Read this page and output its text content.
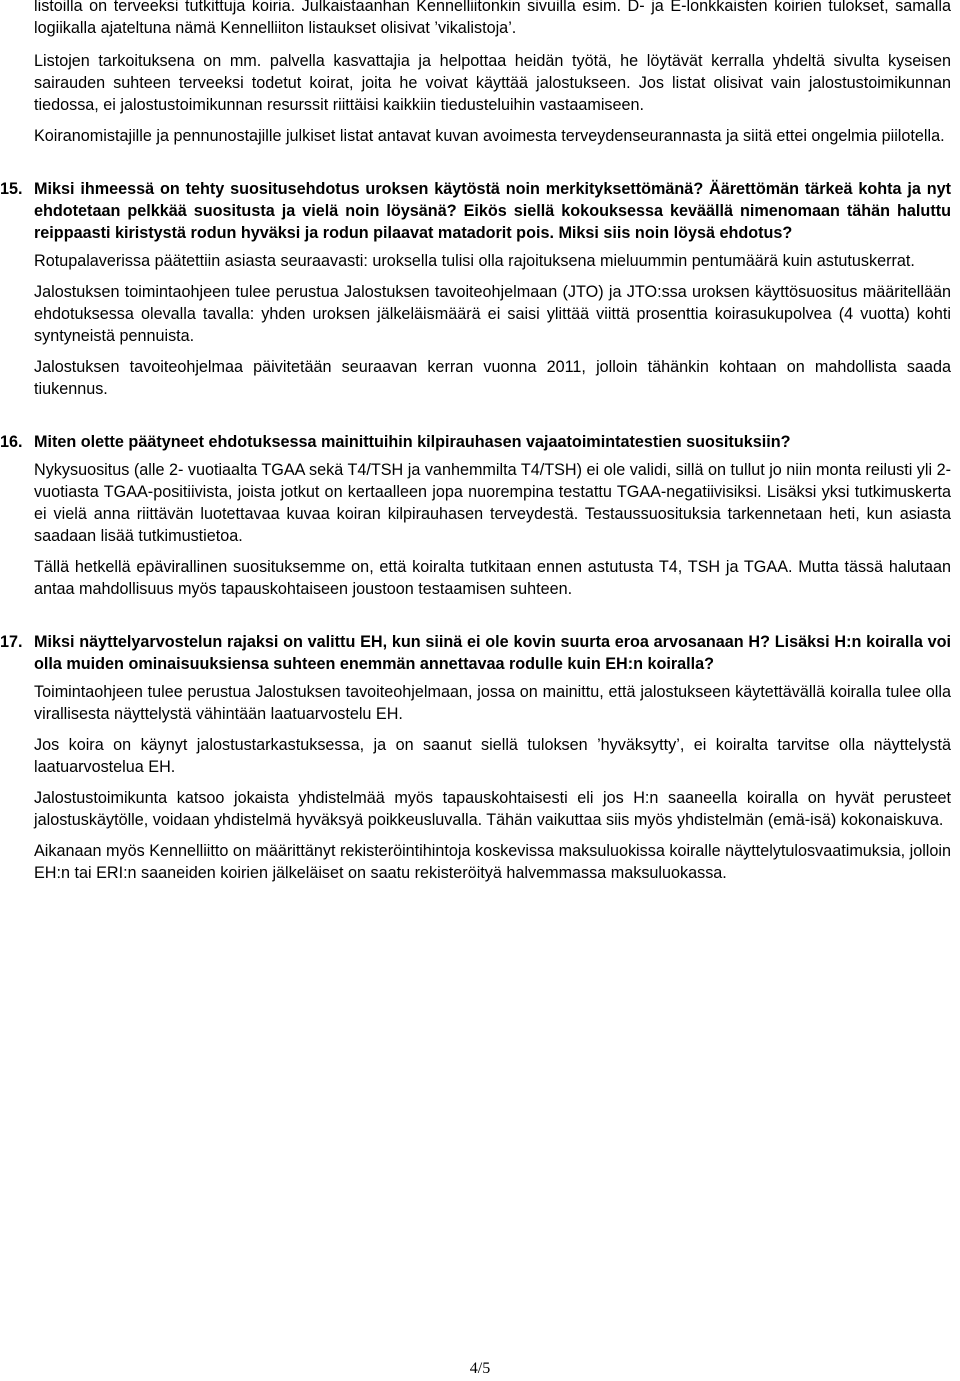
listoilla on terveeksi tutkittuja koiria. Julkaistaanhan Kennelliitonkin sivuilla esim. D- ja E-lonkkaisten koirien tulokset, samalla logiikalla ajateltuna nämä Kennelliiton listaukset olisivat ’vikalistoja’.

Listojen tarkoituksena on mm. palvella kasvattajia ja helpottaa heidän työtä, he löytävät kerralla yhdeltä sivulta kyseisen sairauden suhteen terveeksi todetut koirat, joita he voivat käyttää jalostukseen. Jos listat olisivat vain jalostustoimikunnan tiedossa, ei jalostustoimikunnan resurssit riittäisi kaikkiin tiedusteluihin vastaamiseen.

Koiranomistajille ja pennunostajille julkiset listat antavat kuvan avoimesta terveydenseurannasta ja siitä ettei ongelmia piilotella.

15. Miksi ihmeessä on tehty suositusehdotus uroksen käytöstä noin merkityksettömänä? Äärettömän tärkeä kohta ja nyt ehdotetaan pelkkää suositusta ja vielä noin löysänä? Eikös siellä kokouksessa keväällä nimenomaan tähän haluttu reippaasti kiristystä rodun hyväksi ja rodun pilaavat matadorit pois. Miksi siis noin löysä ehdotus?

Rotupalaverissa päätettiin asiasta seuraavasti: uroksella tulisi olla rajoituksena mieluummin pentumäärä kuin astutuskerrat.

Jalostuksen toimintaohjeen tulee perustua Jalostuksen tavoiteohjelmaan (JTO) ja JTO:ssa uroksen käyttösuositus määritellään ehdotuksessa olevalla tavalla: yhden uroksen jälkeläismäärä ei saisi ylittää viittä prosenttia koirasukupolvea (4 vuotta) kohti syntyneistä pennuista.

Jalostuksen tavoiteohjelmaa päivitetään seuraavan kerran vuonna 2011, jolloin tähänkin kohtaan on mahdollista saada tiukennus.

16. Miten olette päätyneet ehdotuksessa mainittuihin kilpirauhasen vajaatoimintatestien suosituksiin?

Nykysuositus (alle 2- vuotiaalta TGAA sekä T4/TSH ja vanhemmilta T4/TSH) ei ole validi, sillä on tullut jo niin monta reilusti yli 2-vuotiasta TGAA-positiivista, joista jotkut on kertaalleen jopa nuorempina testattu TGAA-negatiivisiksi. Lisäksi yksi tutkimuskerta ei vielä anna riittävän luotettavaa kuvaa koiran kilpirauhasen terveydestä. Testaussuosituksia tarkennetaan heti, kun asiasta saadaan lisää tutkimustietoa.

Tällä hetkellä epävirallinen suosituksemme on, että koiralta tutkitaan ennen astutusta T4, TSH ja TGAA. Mutta tässä halutaan antaa mahdollisuus myös tapauskohtaiseen joustoon testaamisen suhteen.

17. Miksi näyttelyarvostelun rajaksi on valittu EH, kun siinä ei ole kovin suurta eroa arvosanaan H? Lisäksi H:n koiralla voi olla muiden ominaisuuksiensa suhteen enemmän annettavaa rodulle kuin EH:n koiralla?

Toimintaohjeen tulee perustua Jalostuksen tavoiteohjelmaan, jossa on mainittu, että jalostukseen käytettävällä koiralla tulee olla virallisesta näyttelystä vähintään laatuarvostelu EH.

Jos koira on käynyt jalostustarkastuksessa, ja on saanut siellä tuloksen ’hyväksytty’, ei koiralta tarvitse olla näyttelystä laatuarvostelua EH.

Jalostustoimikunta katsoo jokaista yhdistelmää myös tapauskohtaisesti eli jos H:n saaneella koiralla on hyvät perusteet jalostuskäytölle, voidaan yhdistelmä hyväksyä poikkeusluvalla. Tähän vaikuttaa siis myös yhdistelmän (emä-isä) kokonaiskuva.

Aikanaan myös Kennelliitto on määrittänyt rekisteröintihintoja koskevissa maksuluokissa koiralle näyttelytulosvaatimuksia, jolloin EH:n tai ERI:n saaneiden koirien jälkeläiset on saatu rekisteröityä halvemmassa maksuluokassa.

4/5
